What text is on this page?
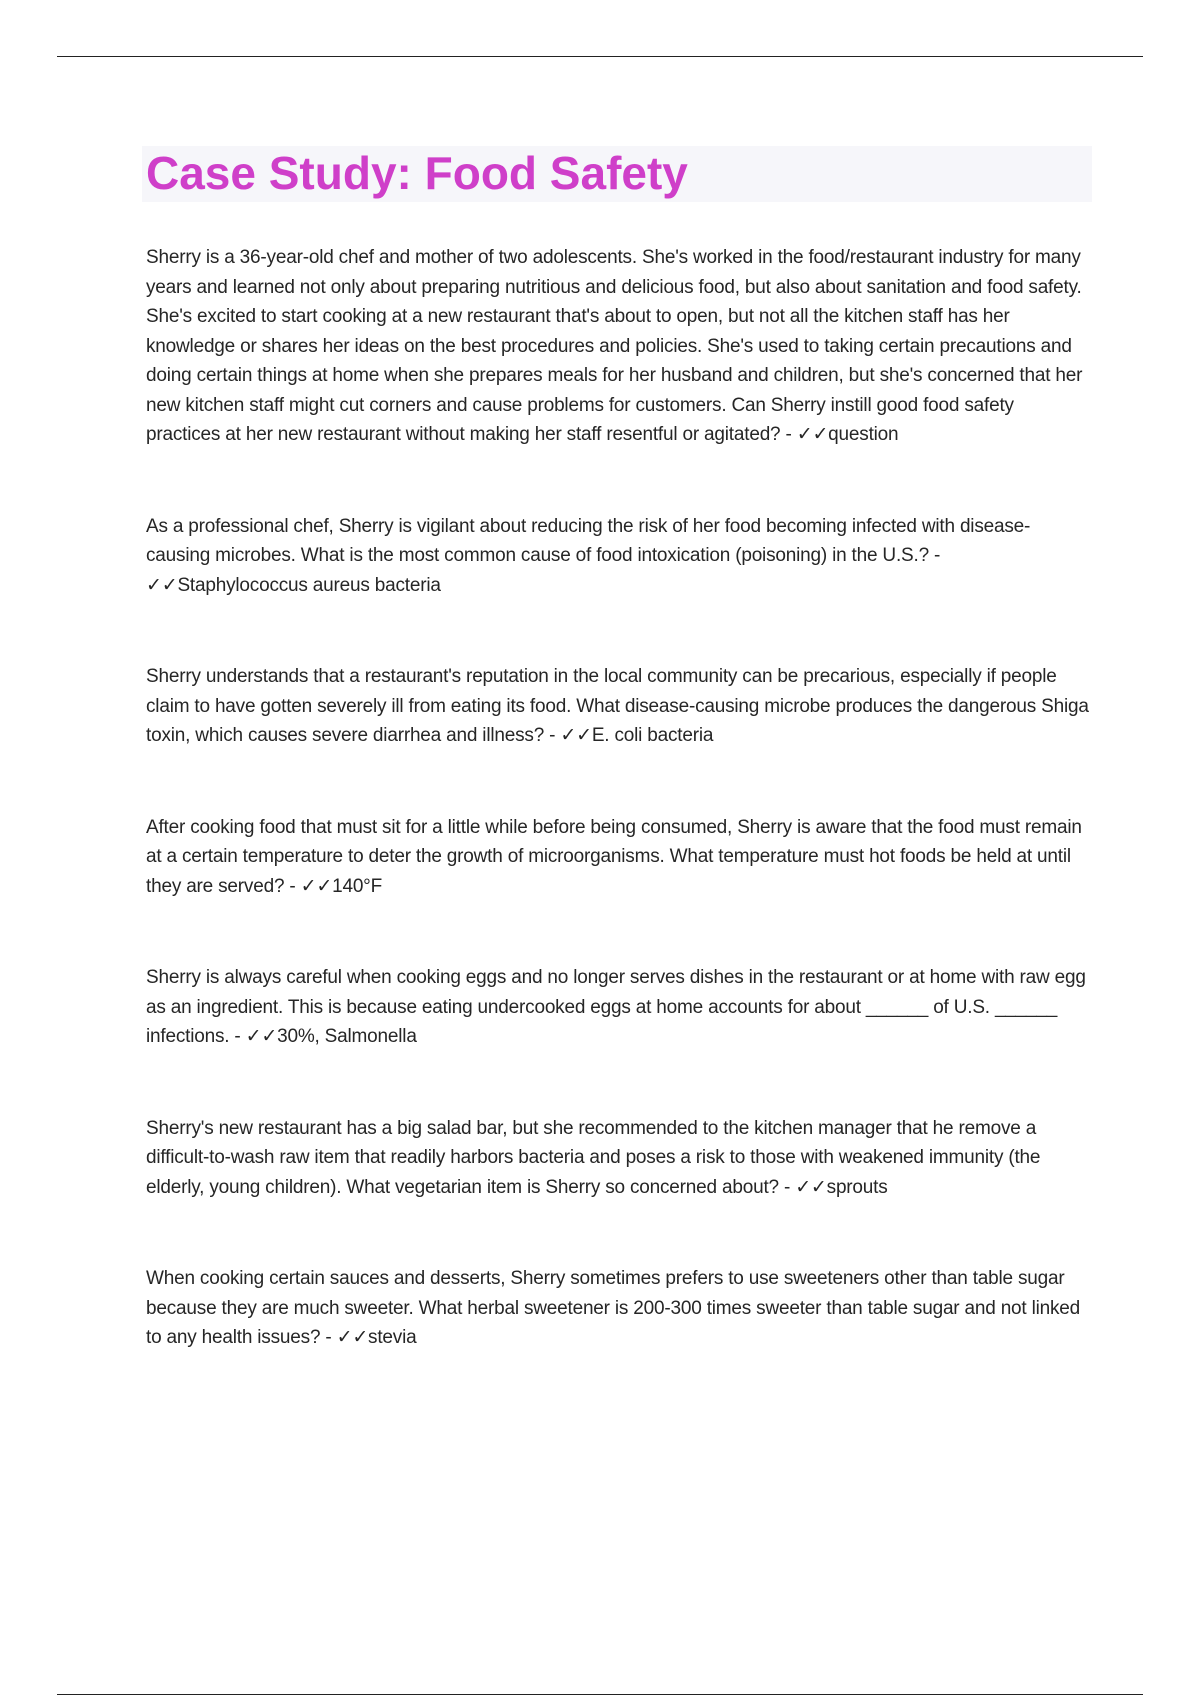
Case Study: Food Safety

Sherry is a 36-year-old chef and mother of two adolescents. She's worked in the food/restaurant industry for many years and learned not only about preparing nutritious and delicious food, but also about sanitation and food safety. She's excited to start cooking at a new restaurant that's about to open, but not all the kitchen staff has her knowledge or shares her ideas on the best procedures and policies. She's used to taking certain precautions and doing certain things at home when she prepares meals for her husband and children, but she's concerned that her new kitchen staff might cut corners and cause problems for customers. Can Sherry instill good food safety practices at her new restaurant without making her staff resentful or agitated? - ✓✓question

As a professional chef, Sherry is vigilant about reducing the risk of her food becoming infected with disease-causing microbes. What is the most common cause of food intoxication (poisoning) in the U.S.? - ✓✓Staphylococcus aureus bacteria

Sherry understands that a restaurant's reputation in the local community can be precarious, especially if people claim to have gotten severely ill from eating its food. What disease-causing microbe produces the dangerous Shiga toxin, which causes severe diarrhea and illness? - ✓✓E. coli bacteria

After cooking food that must sit for a little while before being consumed, Sherry is aware that the food must remain at a certain temperature to deter the growth of microorganisms. What temperature must hot foods be held at until they are served? - ✓✓140°F

Sherry is always careful when cooking eggs and no longer serves dishes in the restaurant or at home with raw egg as an ingredient. This is because eating undercooked eggs at home accounts for about ______ of U.S. ______ infections. - ✓✓30%, Salmonella

Sherry's new restaurant has a big salad bar, but she recommended to the kitchen manager that he remove a difficult-to-wash raw item that readily harbors bacteria and poses a risk to those with weakened immunity (the elderly, young children). What vegetarian item is Sherry so concerned about? - ✓✓sprouts

When cooking certain sauces and desserts, Sherry sometimes prefers to use sweeteners other than table sugar because they are much sweeter. What herbal sweetener is 200-300 times sweeter than table sugar and not linked to any health issues? - ✓✓stevia
